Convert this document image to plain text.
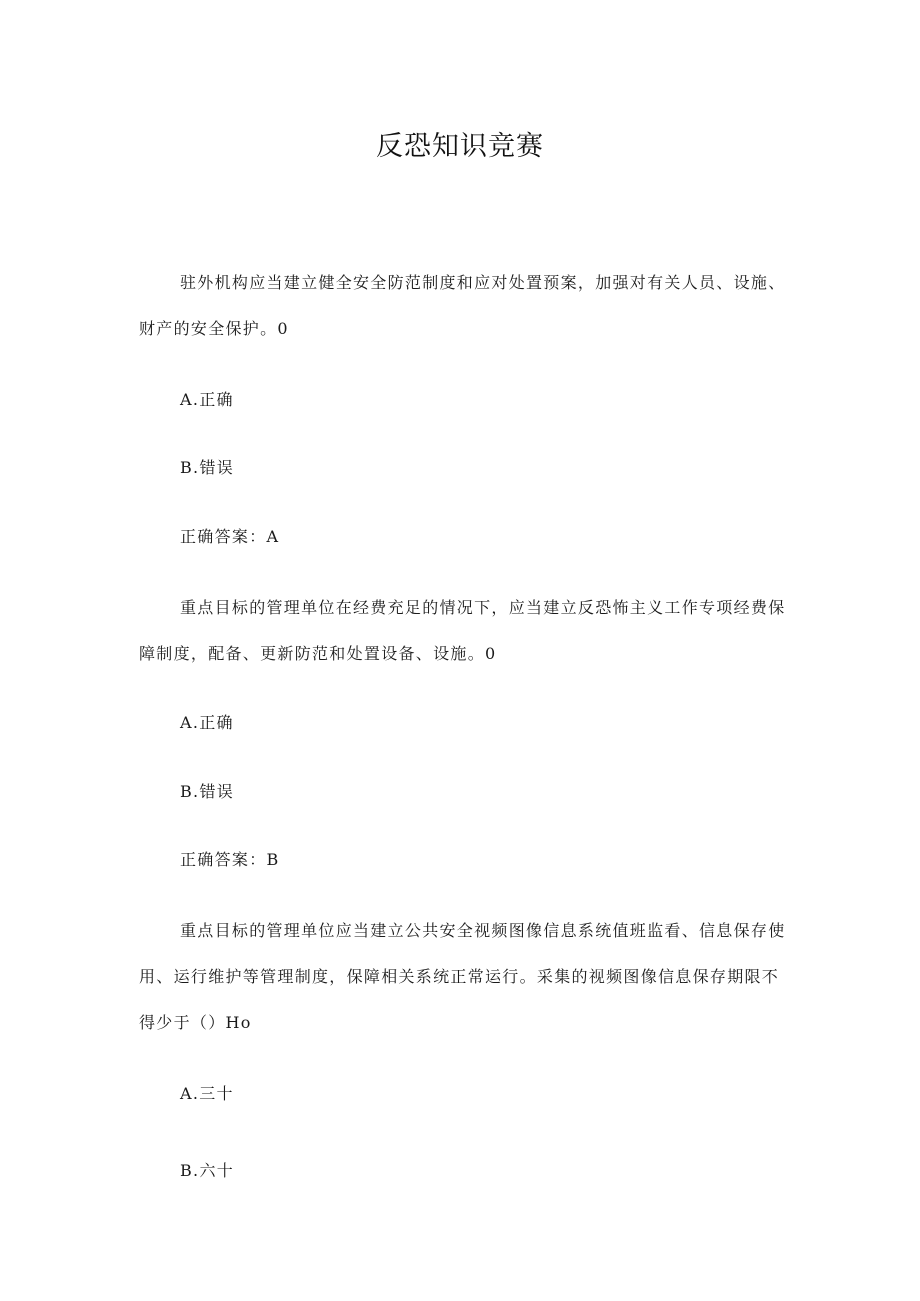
反恐知识竞赛

驻外机构应当建立健全安全防范制度和应对处置预案，加强对有关人员、设施、财产的安全保护。0

A.正确

B.错误

正确答案：A

重点目标的管理单位在经费充足的情况下，应当建立反恐怖主义工作专项经费保障制度，配备、更新防范和处置设备、设施。0

A.正确

B.错误

正确答案：B

重点目标的管理单位应当建立公共安全视频图像信息系统值班监看、信息保存使用、运行维护等管理制度，保障相关系统正常运行。采集的视频图像信息保存期限不得少于（）Ho

A.三十

B.六十
